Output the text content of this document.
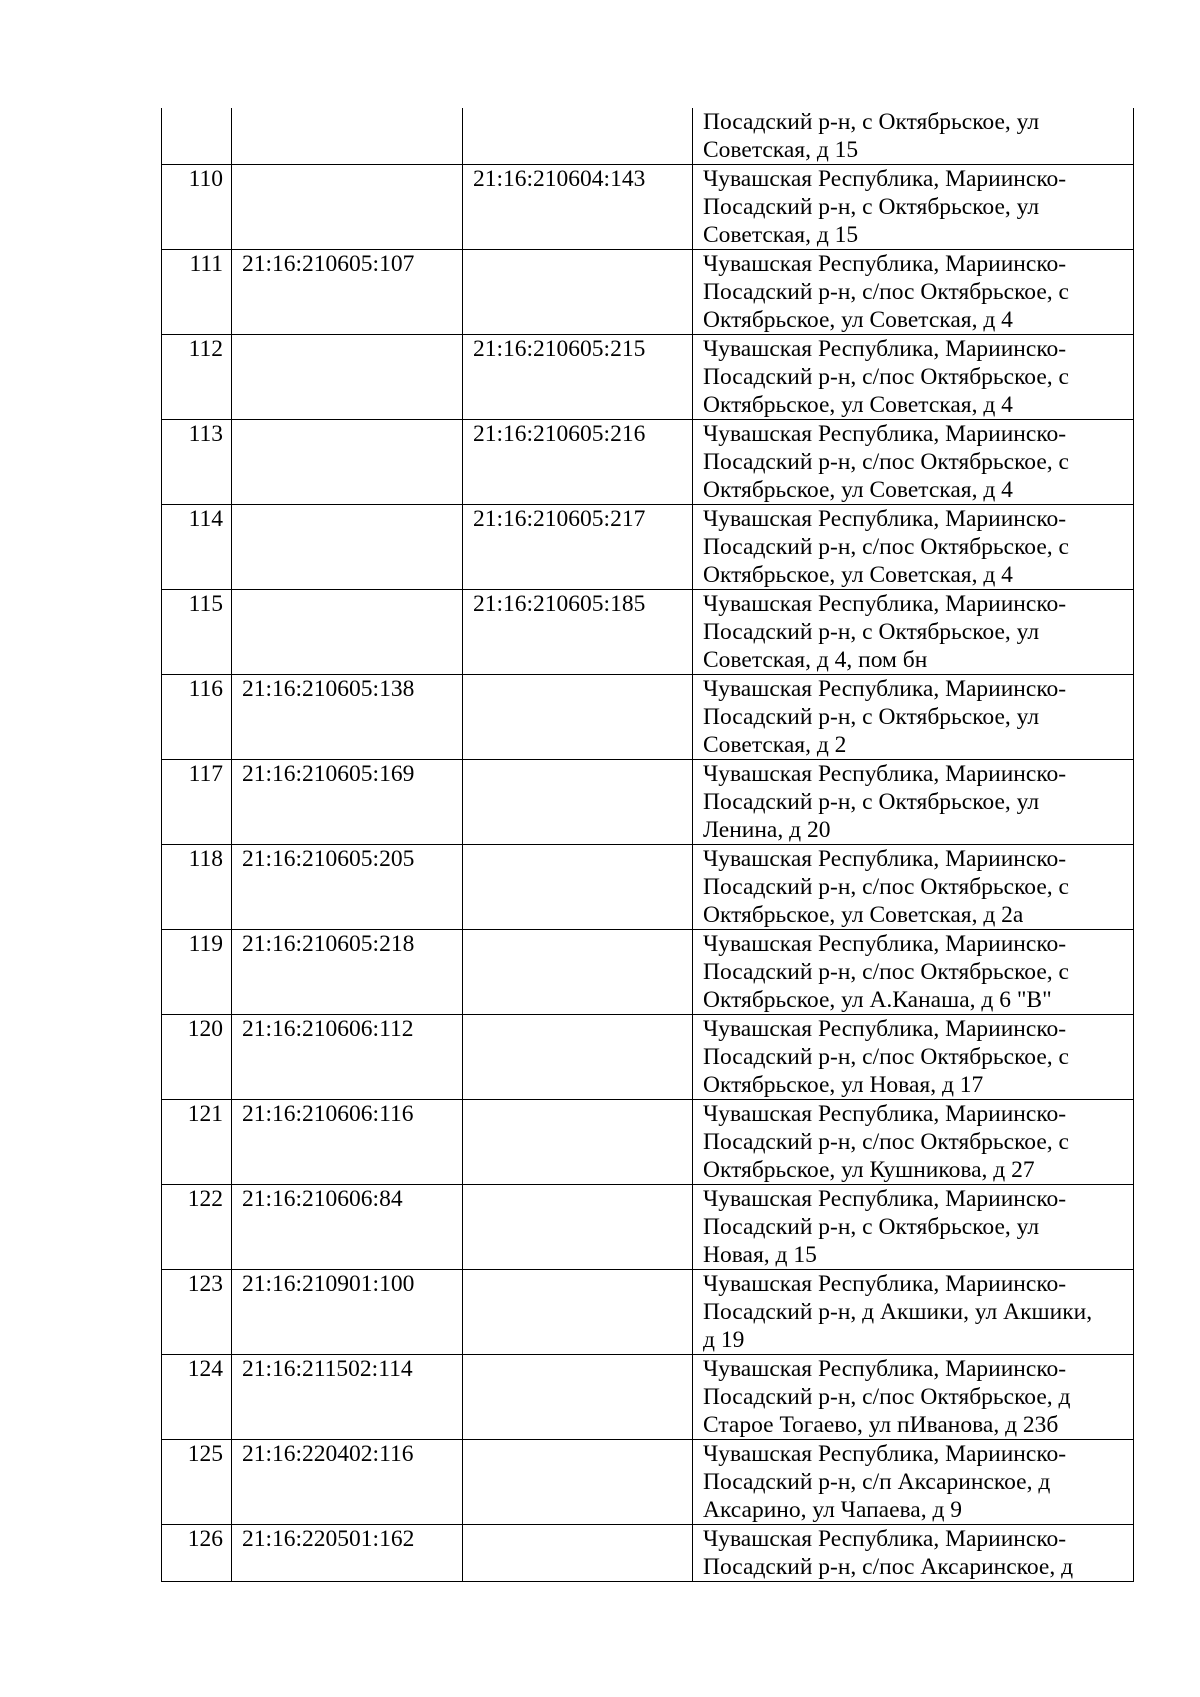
			Посадский р-н, с Октябрьское, ул
Советская, д 15
110		21:16:210604:143	Чувашская Республика, Мариинско-
Посадский р-н, с Октябрьское, ул
Советская, д 15
111	21:16:210605:107		Чувашская Республика, Мариинско-
Посадский р-н, с/пос Октябрьское, с
Октябрьское, ул Советская, д 4
112		21:16:210605:215	Чувашская Республика, Мариинско-
Посадский р-н, с/пос Октябрьское, с
Октябрьское, ул Советская, д 4
113		21:16:210605:216	Чувашская Республика, Мариинско-
Посадский р-н, с/пос Октябрьское, с
Октябрьское, ул Советская, д 4
114		21:16:210605:217	Чувашская Республика, Мариинско-
Посадский р-н, с/пос Октябрьское, с
Октябрьское, ул Советская, д 4
115		21:16:210605:185	Чувашская Республика, Мариинско-
Посадский р-н, с Октябрьское, ул
Советская, д 4, пом бн
116	21:16:210605:138		Чувашская Республика, Мариинско-
Посадский р-н, с Октябрьское, ул
Советская, д 2
117	21:16:210605:169		Чувашская Республика, Мариинско-
Посадский р-н, с Октябрьское, ул
Ленина, д 20
118	21:16:210605:205		Чувашская Республика, Мариинско-
Посадский р-н, с/пос Октябрьское, с
Октябрьское, ул Советская, д 2а
119	21:16:210605:218		Чувашская Республика, Мариинско-
Посадский р-н, с/пос Октябрьское, с
Октябрьское, ул А.Канаша, д 6 "В"
120	21:16:210606:112		Чувашская Республика, Мариинско-
Посадский р-н, с/пос Октябрьское, с
Октябрьское, ул Новая, д 17
121	21:16:210606:116		Чувашская Республика, Мариинско-
Посадский р-н, с/пос Октябрьское, с
Октябрьское, ул Кушникова, д 27
122	21:16:210606:84		Чувашская Республика, Мариинско-
Посадский р-н, с Октябрьское, ул
Новая, д 15
123	21:16:210901:100		Чувашская Республика, Мариинско-
Посадский р-н, д Акшики, ул Акшики,
д 19
124	21:16:211502:114		Чувашская Республика, Мариинско-
Посадский р-н, с/пос Октябрьское, д
Старое Тогаево, ул пИванова, д 23б
125	21:16:220402:116		Чувашская Республика, Мариинско-
Посадский р-н, с/п Аксаринское, д
Аксарино, ул Чапаева, д 9
126	21:16:220501:162		Чувашская Республика, Мариинско-
Посадский р-н, с/пос Аксаринское, д
